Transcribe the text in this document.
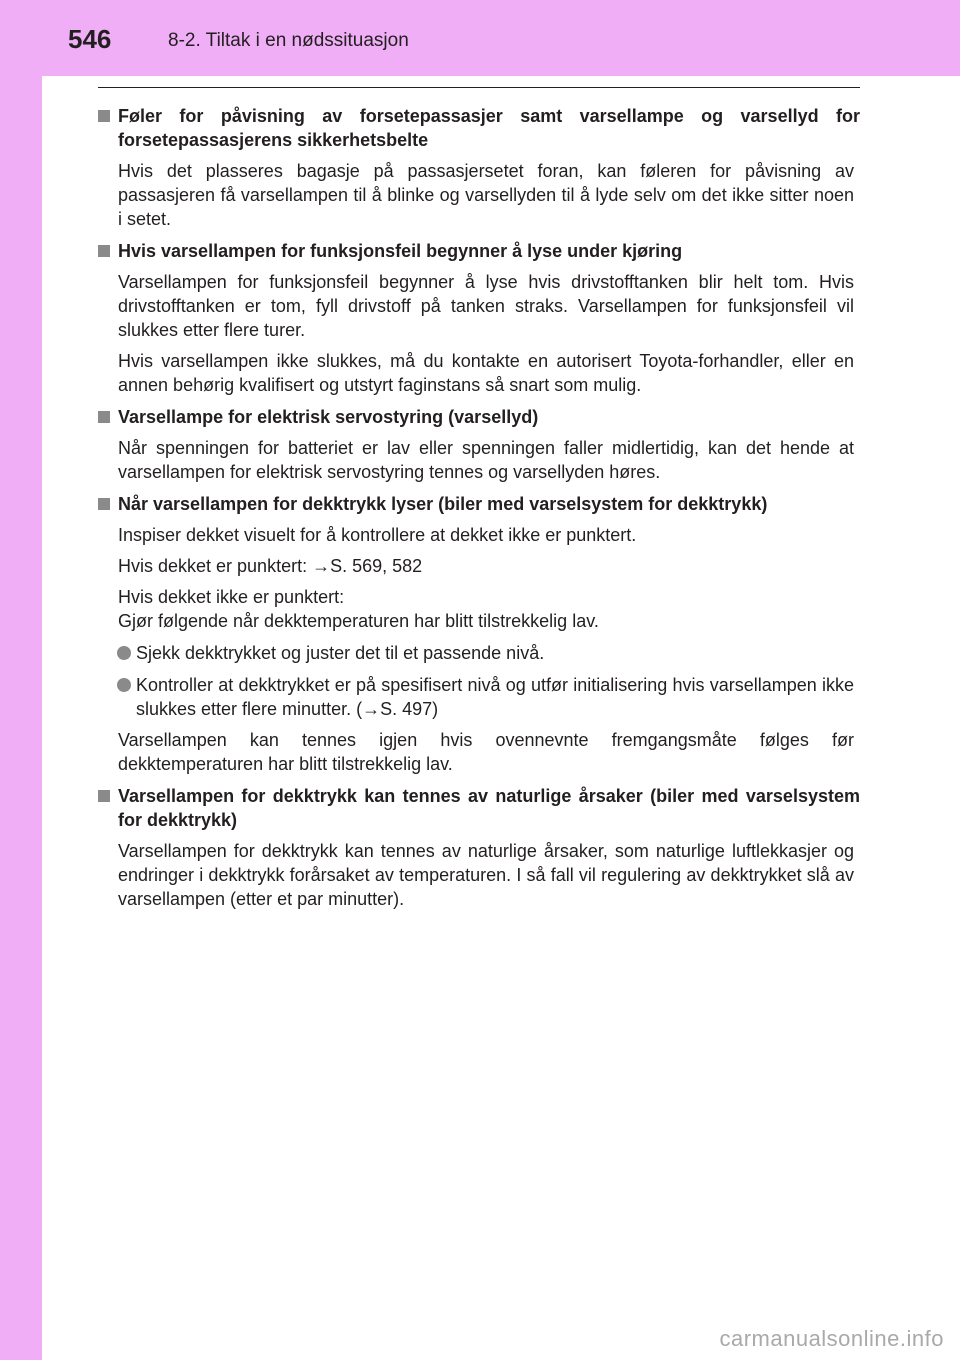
546	8-2. Tiltak i en nødssituasjon
Føler for påvisning av forsetepassasjer samt varsellampe og varsellyd for forsetepassasjerens sikkerhetsbelte
Hvis det plasseres bagasje på passasjersetet foran, kan føleren for påvisning av passasjeren få varsellampen til å blinke og varsellyden til å lyde selv om det ikke sitter noen i setet.
Hvis varsellampen for funksjonsfeil begynner å lyse under kjøring
Varsellampen for funksjonsfeil begynner å lyse hvis drivstofftanken blir helt tom. Hvis drivstofftanken er tom, fyll drivstoff på tanken straks. Varsellampen for funksjonsfeil vil slukkes etter flere turer.
Hvis varsellampen ikke slukkes, må du kontakte en autorisert Toyota-forhandler, eller en annen behørig kvalifisert og utstyrt faginstans så snart som mulig.
Varsellampe for elektrisk servostyring (varsellyd)
Når spenningen for batteriet er lav eller spenningen faller midlertidig, kan det hende at varsellampen for elektrisk servostyring tennes og varsellyden høres.
Når varsellampen for dekktrykk lyser (biler med varselsystem for dekktrykk)
Inspiser dekket visuelt for å kontrollere at dekket ikke er punktert.
Hvis dekket er punktert: →S. 569, 582
Hvis dekket ikke er punktert:
Gjør følgende når dekktemperaturen har blitt tilstrekkelig lav.
Sjekk dekktrykket og juster det til et passende nivå.
Kontroller at dekktrykket er på spesifisert nivå og utfør initialisering hvis varsellampen ikke slukkes etter flere minutter. (→S. 497)
Varsellampen kan tennes igjen hvis ovennevnte fremgangsmåte følges før dekktemperaturen har blitt tilstrekkelig lav.
Varsellampen for dekktrykk kan tennes av naturlige årsaker (biler med varselsystem for dekktrykk)
Varsellampen for dekktrykk kan tennes av naturlige årsaker, som naturlige luftlekkasjer og endringer i dekktrykk forårsaket av temperaturen. I så fall vil regulering av dekktrykket slå av varsellampen (etter et par minutter).
carmanualsonline.info
